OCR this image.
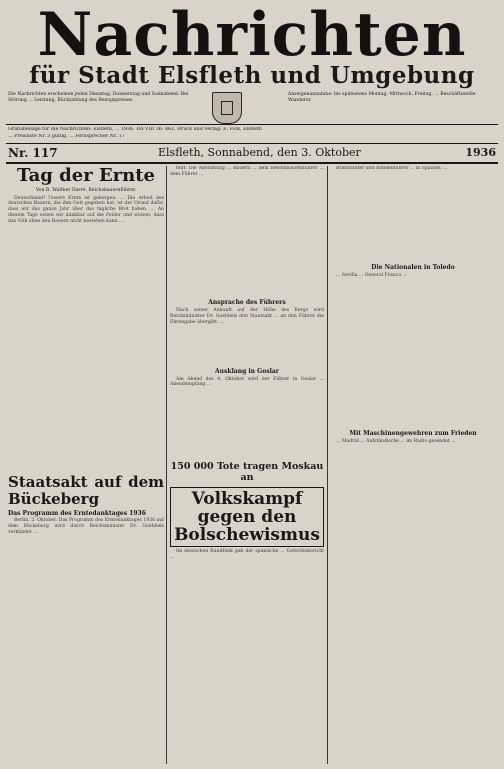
Nachrichten
für Stadt Elsfleth und Umgebung
Die Nachrichten erscheinen jeden Dienstag, Donnerstag und Sonnabend. Bei Störung ... Leistung, Rückzahlung des Bezugspreises.
Anzeigenannahme: bis spätestens Montag, Mittwoch, Freitag, ... Beschäftsstelle Wanderer.
Gratisbeilage für die Nachrichten: Elsfleth, ... 1936. DA VIII 36: 862. Druck und Verlag: E. Fick, Elsfleth
... Preisliste Nr. 3 gültig, ... Fernsprecher Nr. 17
Nr. 117	Elsfleth, Sonnabend, den 3. Oktober	1936
Tag der Ernte
Von R. Walther Darré, Reichsbauernführer.

Deutschland! Unsere Ernte ist geborgen. ... Die Arbeit des deutschen Bauern, die ihm Gott gegeben hat, ist der Grund dafür, dass wir das ganze Jahr über das tägliche Brot haben. ... An diesem Tage sehen wir dankbar auf die Felder und wissen, dass das Volk ohne den Bauern nicht bestehen kann. ...

Staatsakt auf dem Bückeberg
Das Programm des Erntedanktages 1936

Berlin, 2. Oktober. Das Programm des Erntedanktages 1936 auf dem Bückeberg wird durch Reichsminister Dr. Goebbels verkündet ...

teilt. Die Abordnung ... Bauern ... dem Reichsbauernführer ... dem Führer ...

Ansprache des Führers

Nach seiner Ankunft auf der Höhe des Bergs wird Reichsminister Dr. Goebbels den Staatsakt ... an den Führer die Ehrengabe übergibt. ...

Ausklang in Goslar

Am Abend des 4. Oktober wird der Führer in Goslar ... Abendempfang ...

150 000 Tote tragen Moskau an
Volkskampf gegen den Bolschewismus

Im deutschen Rundfunk gab der spanische ... Gefechtsbericht ...

Brandstifter und Bandenführer ... in Spanien. ...

Die Nationalen in Toledo

... Sevilla ... General Franco ...

Mit Maschinengewehren zum Frieden

... Madrid ... Aufständische ... im Radio gesendet ...
